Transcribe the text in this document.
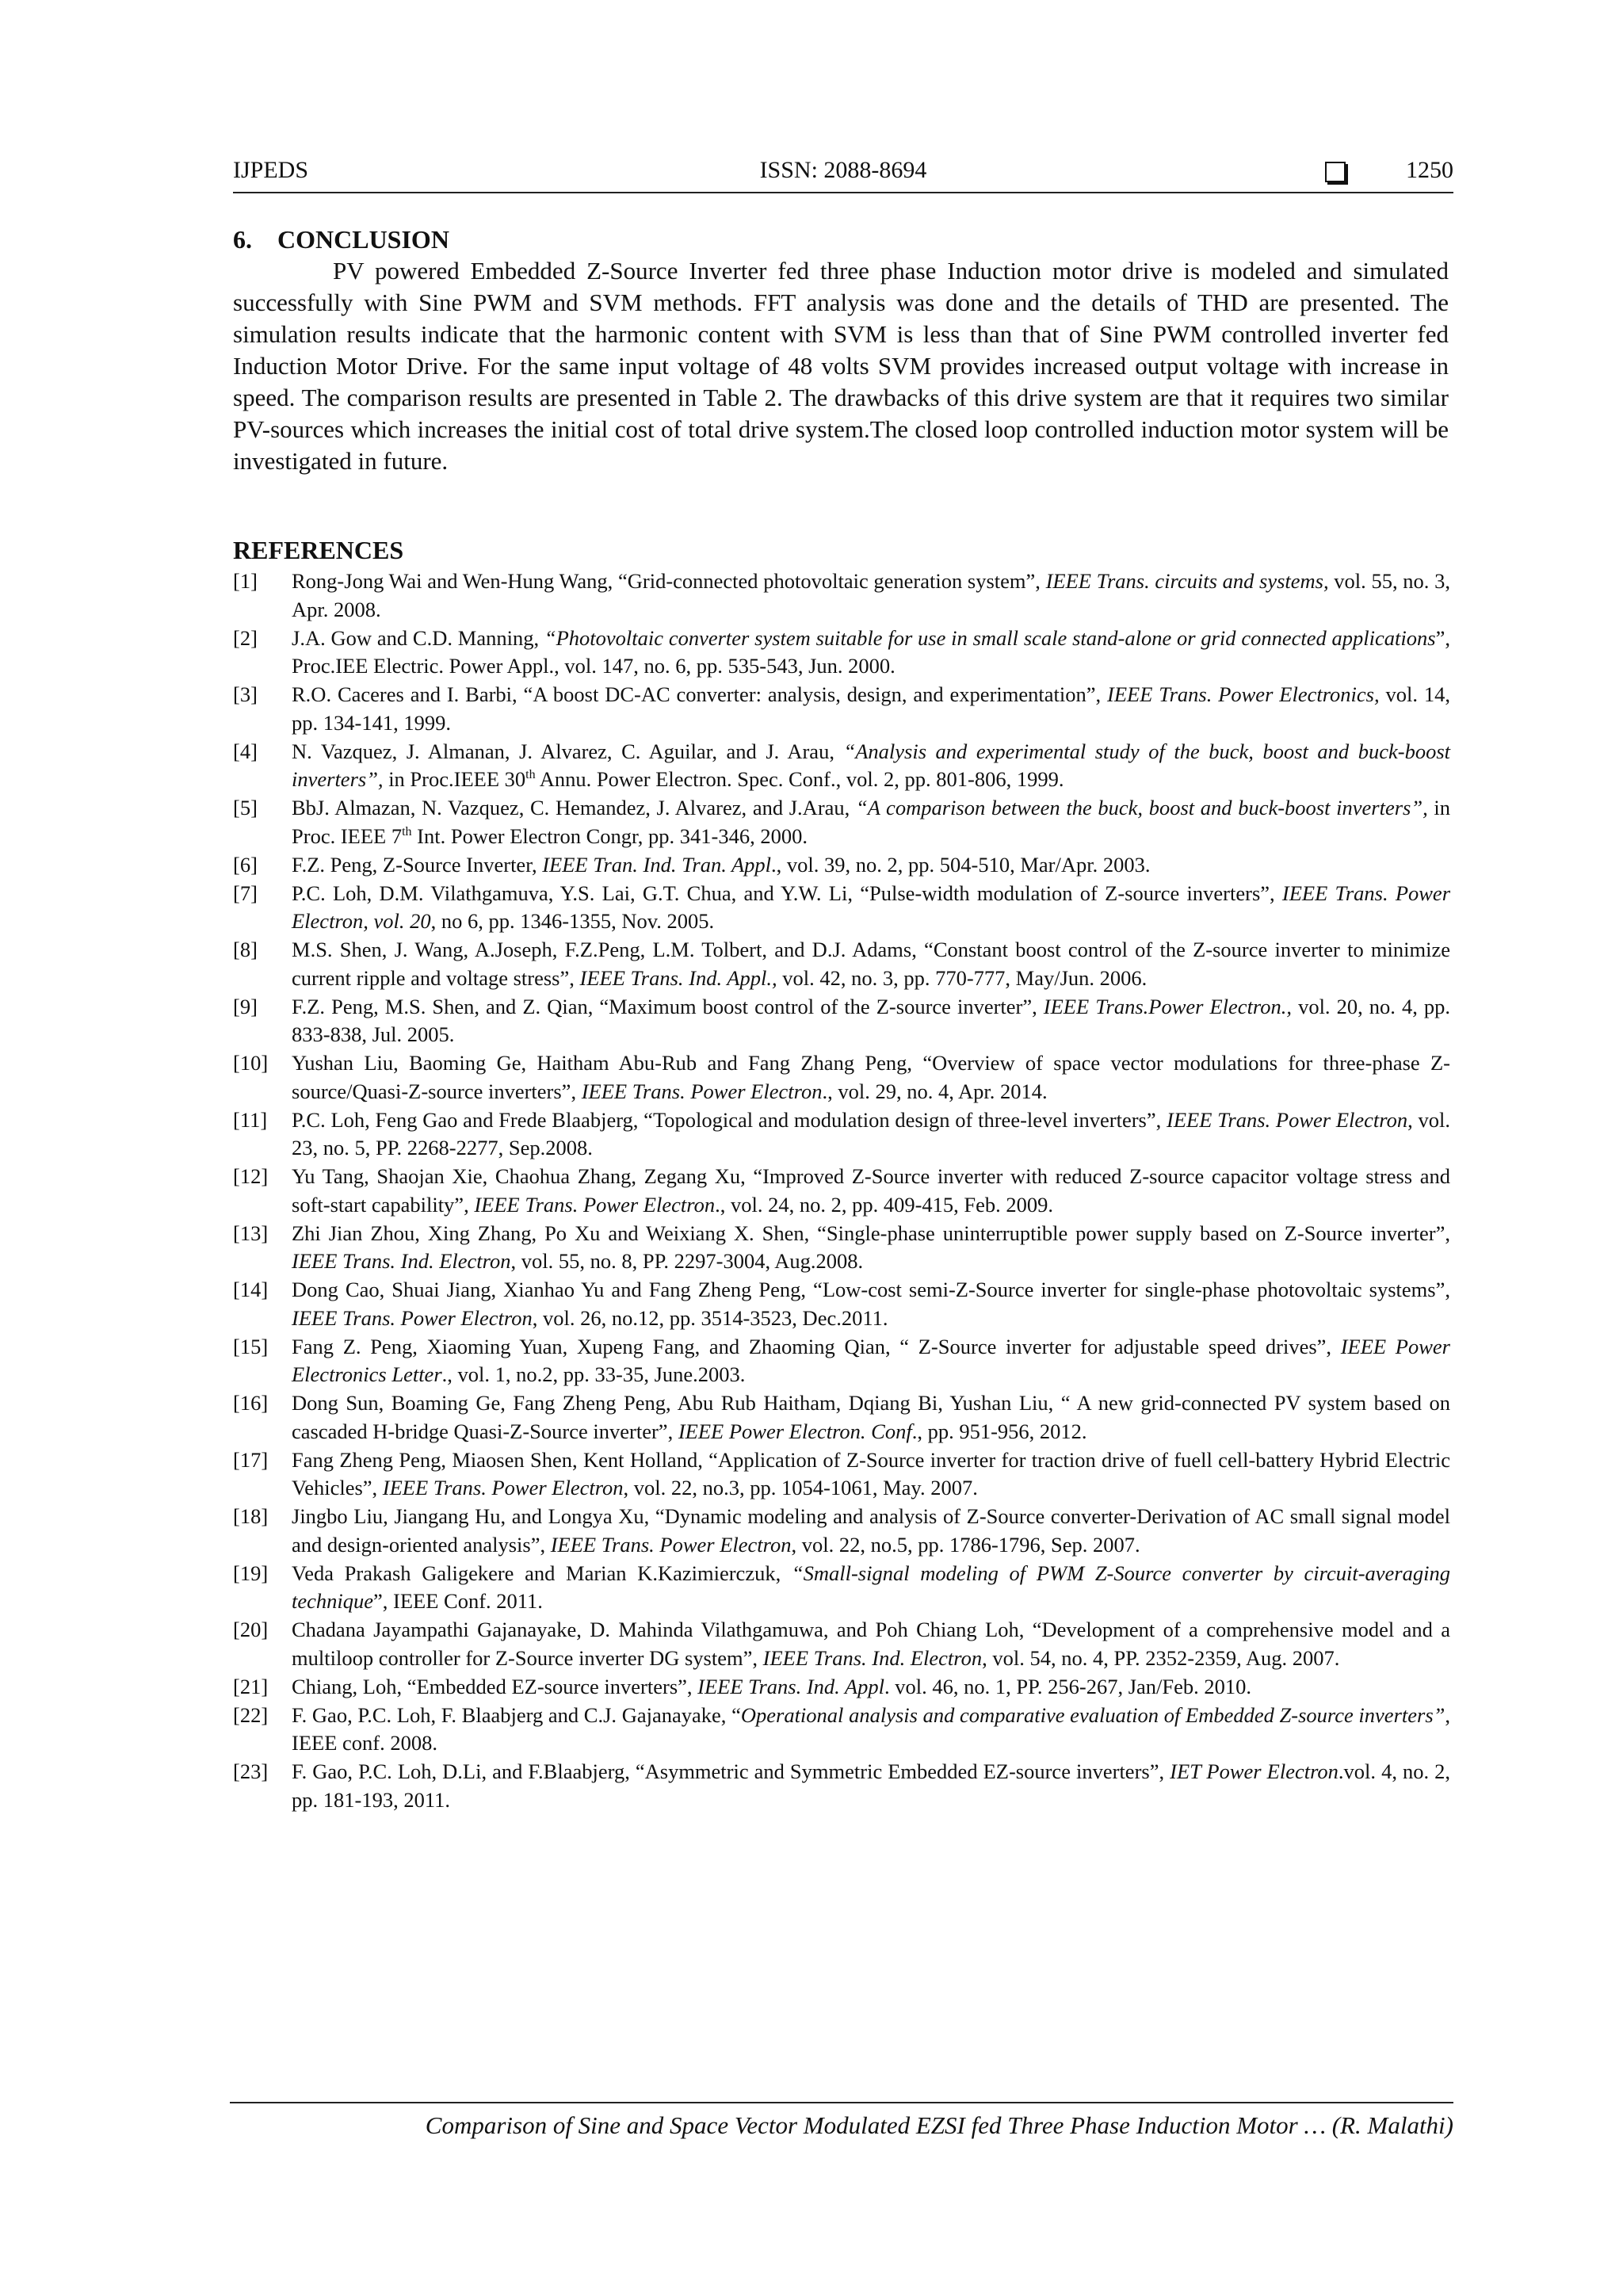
IJPEDS	ISSN: 2088-8694	1250
6.    CONCLUSION

PV powered Embedded Z-Source Inverter fed three phase Induction motor drive is modeled and simulated successfully with Sine PWM and SVM methods. FFT analysis was done and the details of THD are presented. The simulation results indicate that the harmonic content with SVM is less than that of Sine PWM controlled inverter fed Induction Motor Drive. For the same input voltage of 48 volts SVM provides increased output voltage with increase in speed. The comparison results are presented in Table 2. The drawbacks of this drive system are that it requires two similar PV-sources which increases the initial cost of total drive system.The closed loop controlled induction motor system will be investigated in future.

REFERENCES
[1]	Rong-Jong Wai and Wen-Hung Wang, “Grid-connected photovoltaic generation system”, IEEE Trans. circuits and systems, vol. 55, no. 3, Apr. 2008.
[2]	J.A. Gow and C.D. Manning, “Photovoltaic converter system suitable for use in small scale stand-alone or grid connected applications”, Proc.IEE Electric. Power Appl., vol. 147, no. 6, pp. 535-543, Jun. 2000.
[3]	R.O. Caceres and I. Barbi, “A boost DC-AC converter: analysis, design, and experimentation”, IEEE Trans. Power Electronics, vol. 14, pp. 134-141, 1999.
[4]	N. Vazquez, J. Almanan, J. Alvarez, C. Aguilar, and J. Arau, “Analysis and experimental study of the buck, boost and buck-boost inverters”, in Proc.IEEE 30th Annu. Power Electron. Spec. Conf., vol. 2, pp. 801-806, 1999.
[5]	BbJ. Almazan, N. Vazquez, C. Hemandez, J. Alvarez, and J.Arau, “A comparison between the buck, boost and buck-boost inverters”, in Proc. IEEE 7th Int. Power Electron Congr, pp. 341-346, 2000.
[6]	F.Z. Peng, Z-Source Inverter, IEEE Tran. Ind. Tran. Appl., vol. 39, no. 2, pp. 504-510, Mar/Apr. 2003.
[7]	P.C. Loh, D.M. Vilathgamuva, Y.S. Lai, G.T. Chua, and Y.W. Li, “Pulse-width modulation of Z-source inverters”, IEEE Trans. Power Electron, vol. 20, no 6, pp. 1346-1355, Nov. 2005.
[8]	M.S. Shen, J. Wang, A.Joseph, F.Z.Peng, L.M. Tolbert, and D.J. Adams, “Constant boost control of the Z-source inverter to minimize current ripple and voltage stress”, IEEE Trans. Ind. Appl., vol. 42, no. 3, pp. 770-777, May/Jun. 2006.
[9]	F.Z. Peng, M.S. Shen, and Z. Qian, “Maximum boost control of the Z-source inverter”, IEEE Trans.Power Electron., vol. 20, no. 4, pp. 833-838, Jul. 2005.
[10]	Yushan Liu, Baoming Ge, Haitham Abu-Rub and Fang Zhang Peng, “Overview of space vector modulations for three-phase Z-source/Quasi-Z-source inverters”, IEEE Trans. Power Electron., vol. 29, no. 4, Apr. 2014.
[11]	P.C. Loh, Feng Gao and Frede Blaabjerg, “Topological and modulation design of three-level inverters”, IEEE Trans. Power Electron, vol. 23, no. 5, PP. 2268-2277, Sep.2008.
[12]	Yu Tang, Shaojan Xie, Chaohua Zhang, Zegang Xu, “Improved Z-Source inverter with reduced Z-source capacitor voltage stress and soft-start capability”, IEEE Trans. Power Electron., vol. 24, no. 2, pp. 409-415, Feb. 2009.
[13]	Zhi Jian Zhou, Xing Zhang, Po Xu and Weixiang X. Shen, “Single-phase uninterruptible power supply based on Z-Source inverter”, IEEE Trans. Ind. Electron, vol. 55, no. 8, PP. 2297-3004, Aug.2008.
[14]	Dong Cao, Shuai Jiang, Xianhao Yu and Fang Zheng Peng, “Low-cost semi-Z-Source inverter for single-phase photovoltaic systems”, IEEE Trans. Power Electron, vol. 26, no.12, pp. 3514-3523, Dec.2011.
[15]	Fang Z. Peng, Xiaoming Yuan, Xupeng Fang, and Zhaoming Qian, “ Z-Source inverter for adjustable speed drives”, IEEE Power Electronics Letter., vol. 1, no.2, pp. 33-35, June.2003.
[16]	Dong Sun, Boaming Ge, Fang Zheng Peng, Abu Rub Haitham, Dqiang Bi, Yushan Liu, “ A new grid-connected PV system based on cascaded H-bridge Quasi-Z-Source inverter”, IEEE Power Electron. Conf., pp. 951-956, 2012.
[17]	Fang Zheng Peng, Miaosen Shen, Kent Holland, “Application of Z-Source inverter for traction drive of fuell cell-battery Hybrid Electric Vehicles”, IEEE Trans. Power Electron, vol. 22, no.3, pp. 1054-1061, May. 2007.
[18]	Jingbo Liu, Jiangang Hu, and Longya Xu, “Dynamic modeling and analysis of Z-Source converter-Derivation of AC small signal model and design-oriented analysis”, IEEE Trans. Power Electron, vol. 22, no.5, pp. 1786-1796, Sep. 2007.
[19]	Veda Prakash Galigekere and Marian K.Kazimierczuk, “Small-signal modeling of PWM Z-Source converter by circuit-averaging technique”, IEEE Conf. 2011.
[20]	Chadana Jayampathi Gajanayake, D. Mahinda Vilathgamuwa, and Poh Chiang Loh, “Development of a comprehensive model and a multiloop controller for Z-Source inverter DG system”, IEEE Trans. Ind. Electron, vol. 54, no. 4, PP. 2352-2359, Aug. 2007.
[21]	Chiang, Loh, “Embedded EZ-source inverters”, IEEE Trans. Ind. Appl. vol. 46, no. 1, PP. 256-267, Jan/Feb. 2010.
[22]	F. Gao, P.C. Loh, F. Blaabjerg and C.J. Gajanayake, “Operational analysis and comparative evaluation of Embedded Z-source inverters”, IEEE conf. 2008.
[23]	F. Gao, P.C. Loh, D.Li, and F.Blaabjerg, “Asymmetric and Symmetric Embedded EZ-source inverters”, IET Power Electron.vol. 4, no. 2, pp. 181-193, 2011.
Comparison of Sine and Space Vector Modulated EZSI fed Three Phase Induction Motor … (R. Malathi)
